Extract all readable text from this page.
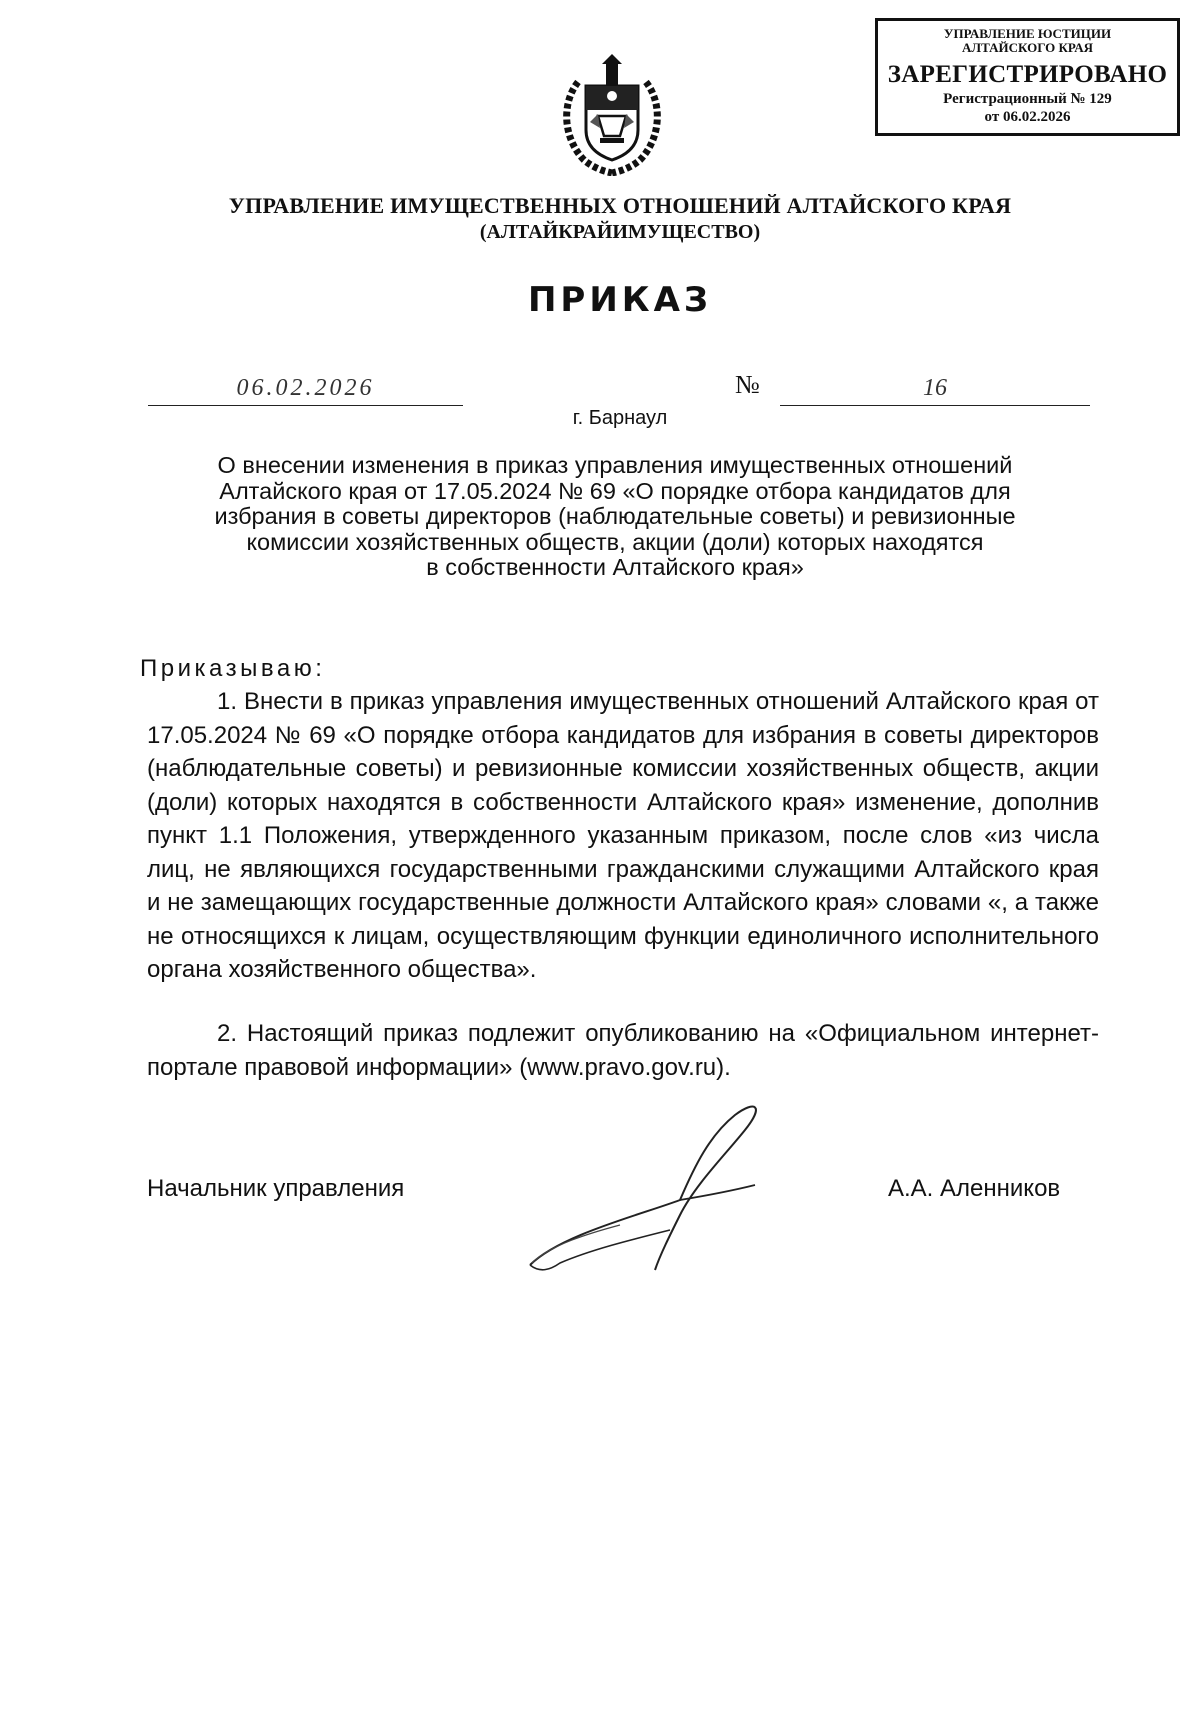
УПРАВЛЕНИЕ ЮСТИЦИИ
АЛТАЙСКОГО КРАЯ
ЗАРЕГИСТРИРОВАНО
Регистрационный № 129
от 06.02.2026
УПРАВЛЕНИЕ ИМУЩЕСТВЕННЫХ ОТНОШЕНИЙ АЛТАЙСКОГО КРАЯ
(АЛТАЙКРАЙИМУЩЕСТВО)
ПРИКАЗ
06.02.2026	№	16
г. Барнаул
О внесении изменения в приказ управления имущественных отношений
Алтайского края от 17.05.2024 № 69 «О порядке отбора кандидатов для
избрания в советы директоров (наблюдательные советы) и ревизионные
комиссии хозяйственных обществ, акции (доли) которых находятся
в собственности Алтайского края»
Приказываю:
1. Внести в приказ управления имущественных отношений Алтайского края от 17.05.2024 № 69 «О порядке отбора кандидатов для избрания в советы директоров (наблюдательные советы) и ревизионные комиссии хозяйственных обществ, акции (доли) которых находятся в собственности Алтайского края» изменение, дополнив пункт 1.1 Положения, утвержденного указанным приказом, после слов «из числа лиц, не являющихся государственными гражданскими служащими Алтайского края и не замещающих государственные должности Алтайского края» словами «, а также не относящихся к лицам, осуществляющим функции единоличного исполнительного органа хозяйственного общества».
2. Настоящий приказ подлежит опубликованию на «Официальном интернет-портале правовой информации» (www.pravo.gov.ru).
Начальник управления	А.А. Аленников
